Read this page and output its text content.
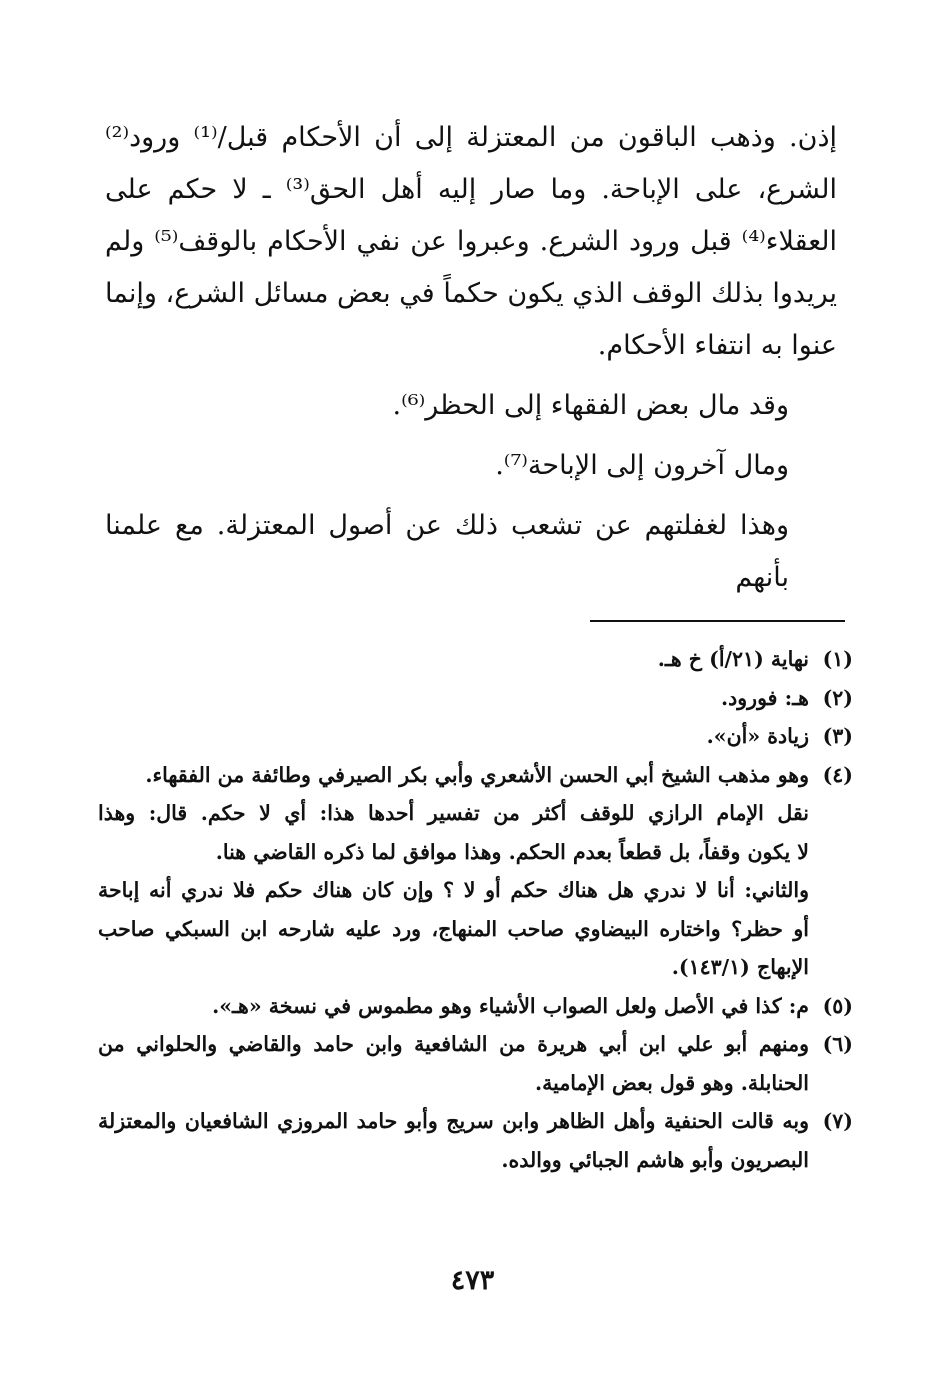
إذن. وذهب الباقون من المعتزلة إلى أن الأحكام قبل/⁽¹⁾ ورود⁽²⁾

الشرع، على الإباحة. وما صار إليه أهل الحق⁽³⁾ ـ لا حكم على

العقلاء⁽⁴⁾ قبل ورود الشرع. وعبروا عن نفي الأحكام بالوقف⁽⁵⁾ ولم

يريدوا بذلك الوقف الذي يكون حكماً في بعض مسائل الشرع، وإنما

عنوا به انتفاء الأحكام.

وقد مال بعض الفقهاء إلى الحظر⁽⁶⁾.

ومال آخرون إلى الإباحة⁽⁷⁾.

وهذا لغفلتهم عن تشعب ذلك عن أصول المعتزلة. مع علمنا بأنهم

(١)

نهاية (٢١/أ) خ هـ.

(٢)

هـ: فورود.

(٣)

زيادة «أن».

(٤)

وهو مذهب الشيخ أبي الحسن الأشعري وأبي بكر الصيرفي وطائفة من الفقهاء.

نقل الإمام الرازي للوقف أكثر من تفسير أحدها هذا: أي لا حكم. قال: وهذا

لا يكون وقفاً، بل قطعاً بعدم الحكم. وهذا موافق لما ذكره القاضي هنا.

والثاني: أنا لا ندري هل هناك حكم أو لا ؟ وإن كان هناك حكم فلا ندري أنه إباحة

أو حظر؟ واختاره البيضاوي صاحب المنهاج، ورد عليه شارحه ابن السبكي صاحب

الإبهاج (١٤٣/١).

(٥)

م: كذا في الأصل ولعل الصواب الأشياء وهو مطموس في نسخة «هـ».

(٦)

ومنهم أبو علي ابن أبي هريرة من الشافعية وابن حامد والقاضي والحلواني من

الحنابلة. وهو قول بعض الإمامية.

(٧)

وبه قالت الحنفية وأهل الظاهر وابن سريج وأبو حامد المروزي الشافعيان والمعتزلة

البصريون وأبو هاشم الجبائي ووالده.

٤٧٣
